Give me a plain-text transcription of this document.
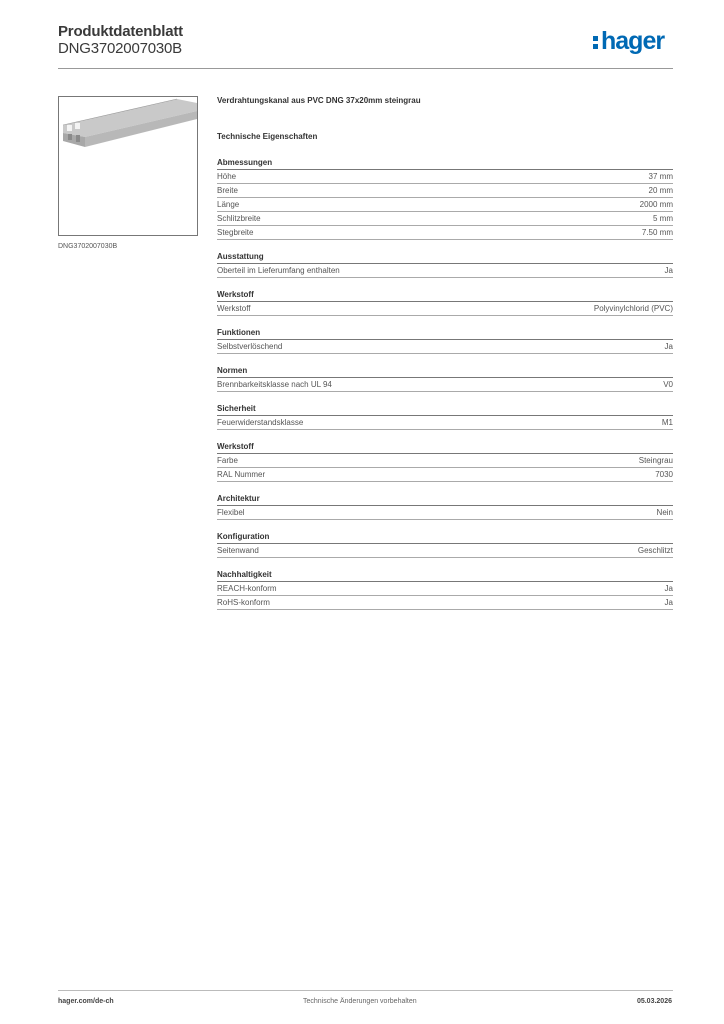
Produktdatenblatt
DNG3702007030B	hager
DNG3702007030B
Verdrahtungskanal aus PVC DNG 37x20mm steingrau
Technische Eigenschaften
Abmessungen
Höhe	37 mm
Breite	20 mm
Länge	2000 mm
Schlitzbreite	5 mm
Stegbreite	7.50 mm
Ausstattung
Oberteil im Lieferumfang enthalten	Ja
Werkstoff
Werkstoff	Polyvinylchlorid (PVC)
Funktionen
Selbstverlöschend	Ja
Normen
Brennbarkeitsklasse nach UL 94	V0
Sicherheit
Feuerwiderstandsklasse	M1
Werkstoff
Farbe	Steingrau
RAL Nummer	7030
Architektur
Flexibel	Nein
Konfiguration
Seitenwand	Geschlitzt
Nachhaltigkeit
REACH-konform	Ja
RoHS-konform	Ja
hager.com/de-ch	Technische Änderungen vorbehalten	05.03.2026
